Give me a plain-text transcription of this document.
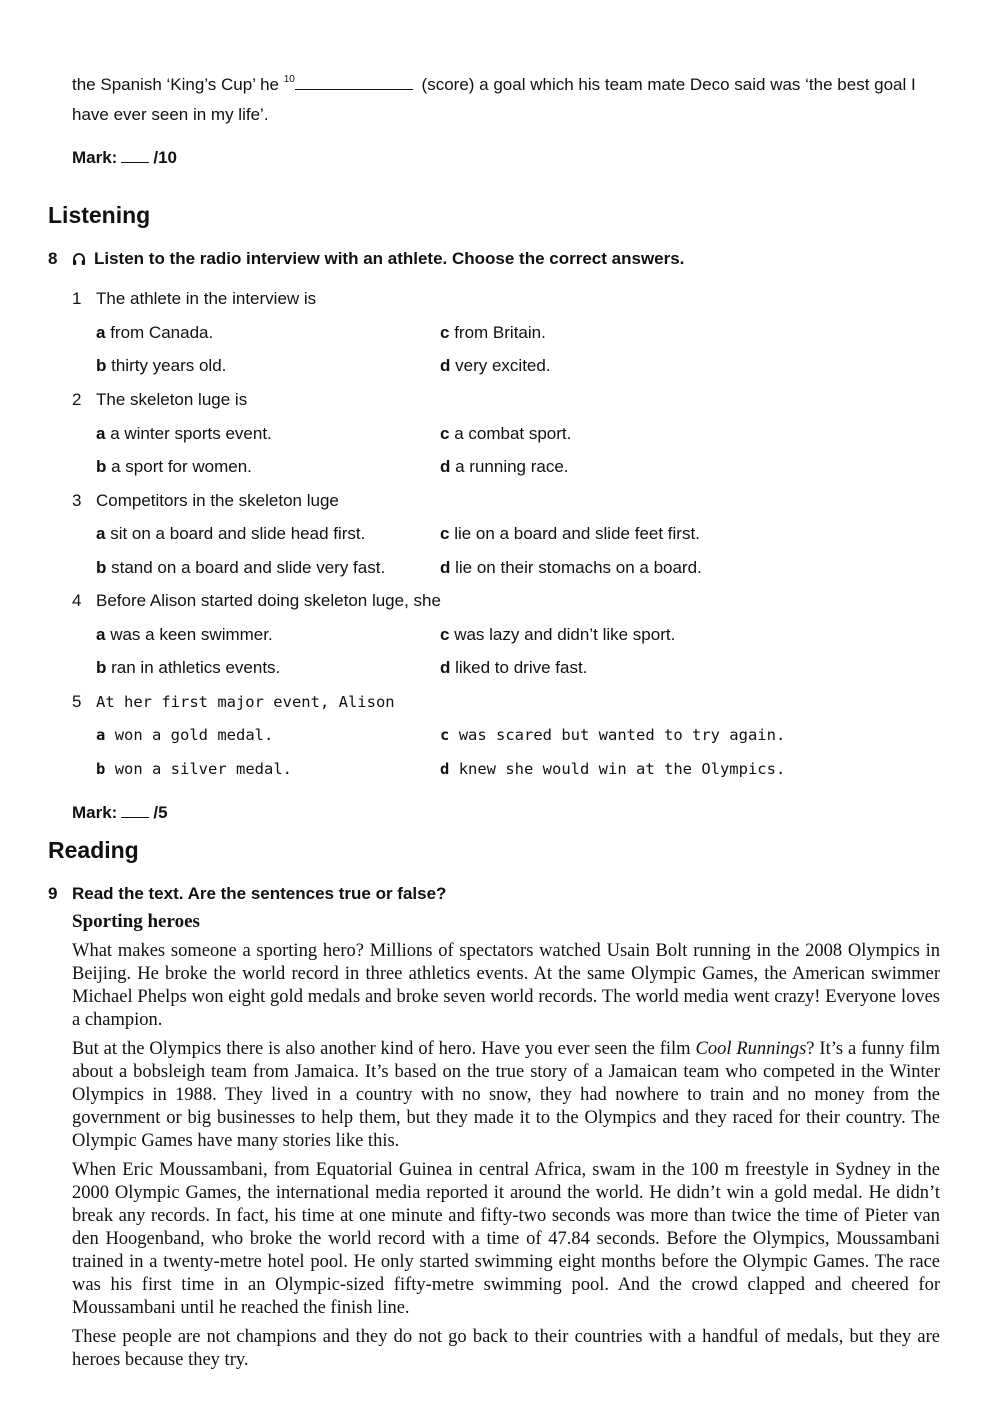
the Spanish ‘King’s Cup’ he $^{10}$	(score) a goal which his team mate Deco said was ‘the best goal I have ever seen in my life’.
Mark: /10
Listening
8 Listen to the radio interview with an athlete. Choose the correct answers.
1 The athlete in the interview is
a from Canada.	c from Britain.
b thirty years old.	d very excited.
2 The skeleton luge is
a a winter sports event.	c a combat sport.
b a sport for women.	d a running race.
3 Competitors in the skeleton luge
a sit on a board and slide head first.	c lie on a board and slide feet first.
b stand on a board and slide very fast.	d lie on their stomachs on a board.
4 Before Alison started doing skeleton luge, she
a was a keen swimmer.	c was lazy and didn’t like sport.
b ran in athletics events.	d liked to drive fast.
5 At her first major event, Alison
a won a gold medal.	c was scared but wanted to try again.
b won a silver medal.	d knew she would win at the Olympics.
Mark: /5
Reading
9 Read the text. Are the sentences true or false?
Sporting heroes

What makes someone a sporting hero? Millions of spectators watched Usain Bolt running in the 2008 Olympics in Beijing. He broke the world record in three athletics events. At the same Olympic Games, the American swimmer Michael Phelps won eight gold medals and broke seven world records. The world media went crazy! Everyone loves a champion.

But at the Olympics there is also another kind of hero. Have you ever seen the film Cool Runnings? It’s a funny film about a bobsleigh team from Jamaica. It’s based on the true story of a Jamaican team who competed in the Winter Olympics in 1988. They lived in a country with no snow, they had nowhere to train and no money from the government or big businesses to help them, but they made it to the Olympics and they raced for their country. The Olympic Games have many stories like this.

When Eric Moussambani, from Equatorial Guinea in central Africa, swam in the 100 m freestyle in Sydney in the 2000 Olympic Games, the international media reported it around the world. He didn’t win a gold medal. He didn’t break any records. In fact, his time at one minute and fifty-two seconds was more than twice the time of Pieter van den Hoogenband, who broke the world record with a time of 47.84 seconds. Before the Olympics, Moussambani trained in a twenty-metre hotel pool. He only started swimming eight months before the Olympic Games. The race was his first time in an Olympic-sized fifty-metre swimming pool. And the crowd clapped and cheered for Moussambani until he reached the finish line.

These people are not champions and they do not go back to their countries with a handful of medals, but they are heroes because they try.
